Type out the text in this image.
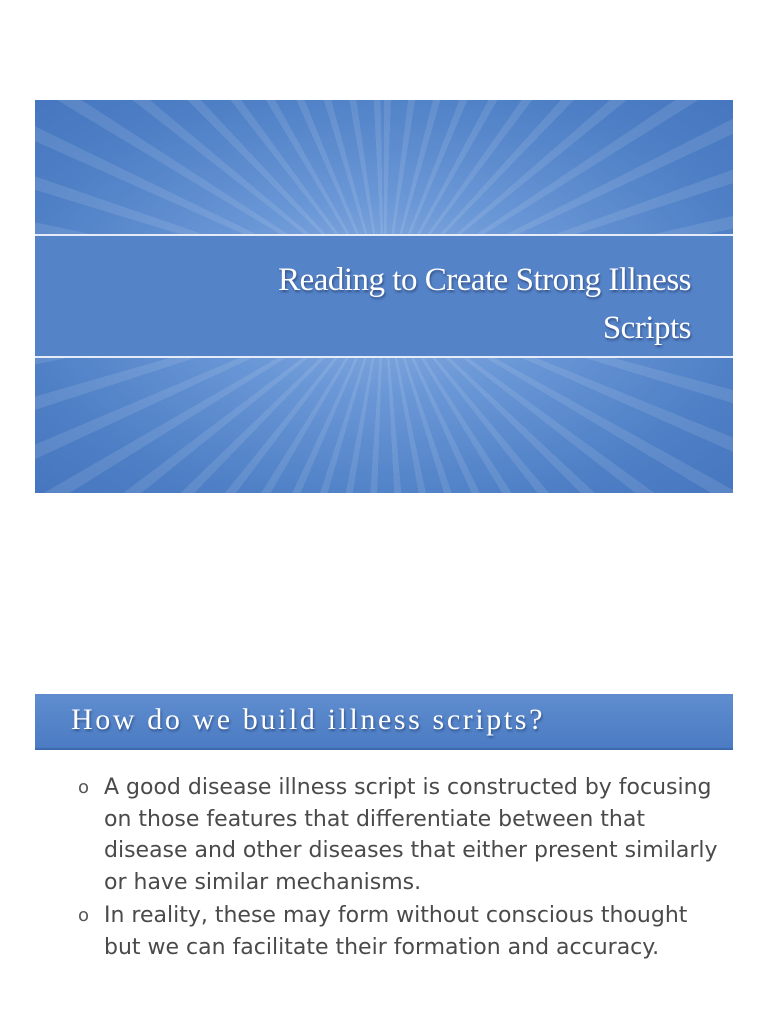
Reading to Create Strong Illness
Scripts
How do we build illness scripts?
o A good disease illness script is constructed by focusing on those features that differentiate between that disease and other diseases that either present similarly or have similar mechanisms.
o In reality, these may form without conscious thought but we can facilitate their formation and accuracy.
